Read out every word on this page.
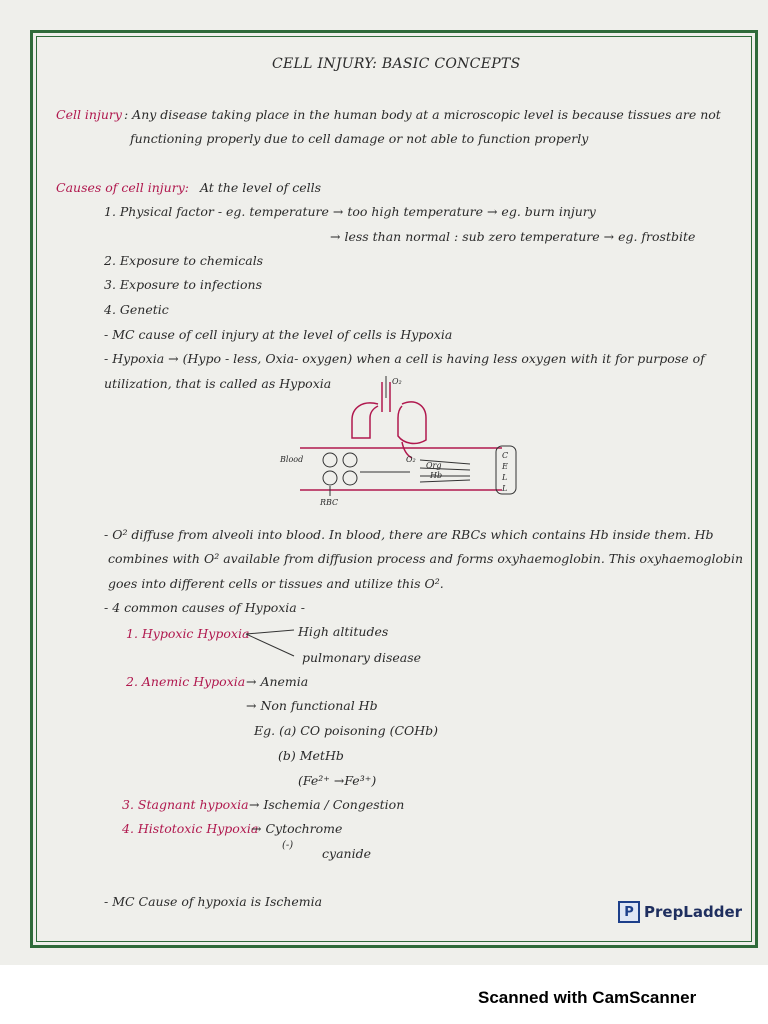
CELL INJURY: BASIC CONCEPTS
Cell injury : Any disease taking place in the human body at a microscopic level is because tissues are not
functioning properly due to cell damage or not able to function properly
Causes of cell injury: At the level of cells
1. Physical factor - eg. temperature → too high temperature → eg. burn injury
→ less than normal : sub zero temperature → eg. frostbite
2. Exposure to chemicals
3. Exposure to infections
4. Genetic
- MC cause of cell injury at the level of cells is Hypoxia
- Hypoxia → (Hypo - less, Oxia- oxygen) when a cell is having less oxygen with it for purpose of
utilization, that is called as Hypoxia	O₂
Blood
RBC
O₂
Org
Hb
C
E
L
L
- O² diffuse from alveoli into blood. In blood, there are RBCs which contains Hb inside them. Hb
combines with O² available from diffusion process and forms oxyhaemoglobin. This oxyhaemoglobin
goes into different cells or tissues and utilize this O².
- 4 common causes of Hypoxia -
1. Hypoxic Hypoxia	High altitudes
pulmonary disease
2. Anemic Hypoxia → Anemia
→ Non functional Hb
Eg. (a) CO poisoning (COHb)
(b) MetHb
(Fe²⁺ →Fe³⁺)
3. Stagnant hypoxia → Ischemia / Congestion
4. Histotoxic Hypoxia
→ Cytochrome
(-)
cyanide
- MC Cause of hypoxia is Ischemia
P PrepLadder
Scanned with CamScanner
